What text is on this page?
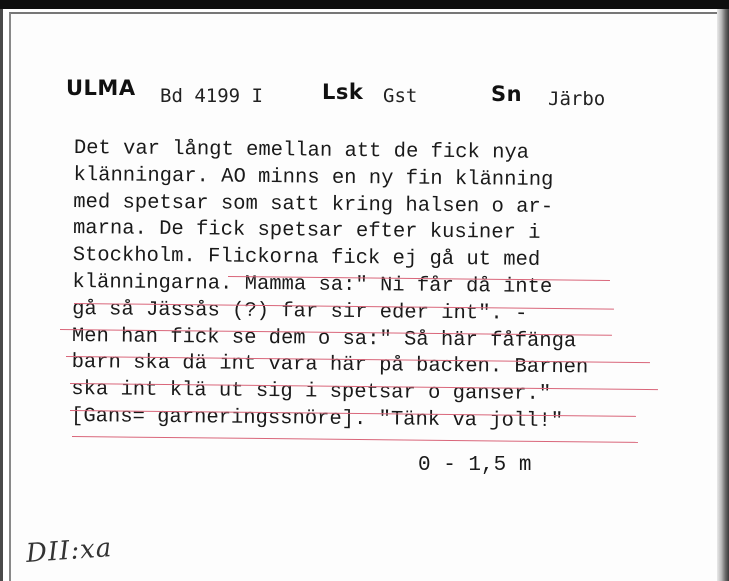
ULMA Bd 4199 I	Lsk Gst	Sn Järbo
Det var långt emellan att de fick nya
klänningar. AO minns en ny fin klänning
med spetsar som satt kring halsen o ar-
marna. De fick spetsar efter kusiner i
Stockholm. Flickorna fick ej gå ut med
klänningarna. Mamma sa:" Ni får då inte
gå så Jässås (?) far sir eder int". -
Men han fick se dem o sa:" Så här fåfänga
barn ska dä int vara här på backen. Barnen
ska int klä ut sig i spetsar o ganser."
[Gans= garneringssnöre]. "Tänk va joll!"
0 - 1,5 m
DII:xa
